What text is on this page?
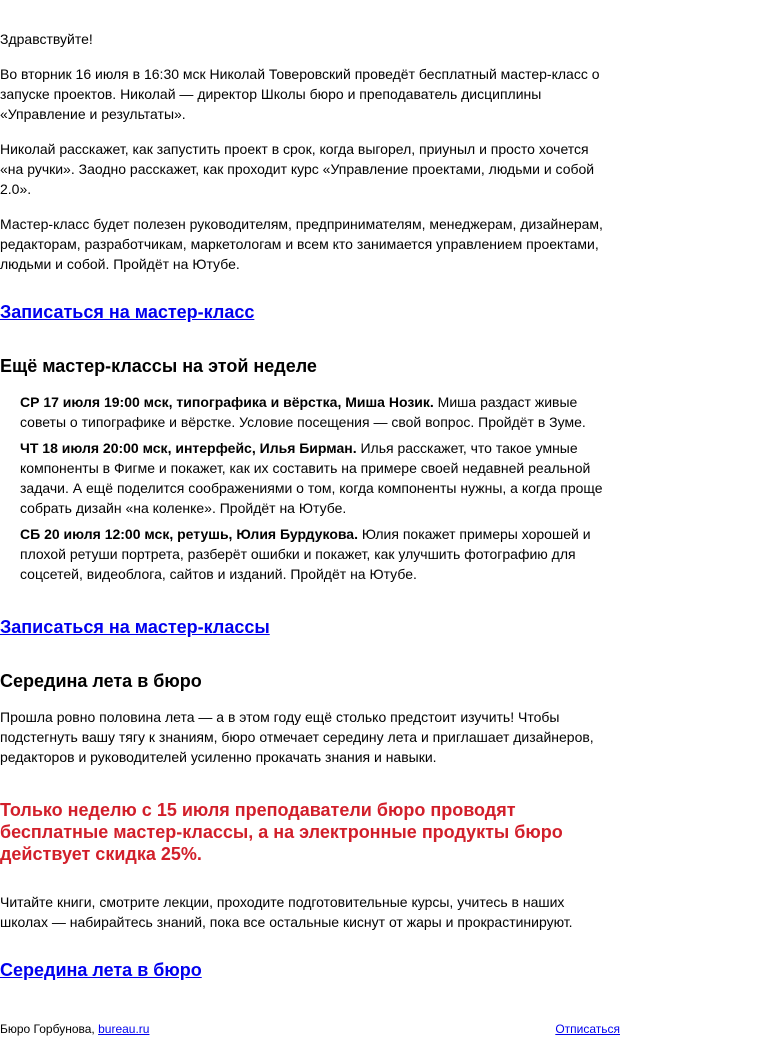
Здравствуйте!

Во вторник 16 июля в 16:30 мск Николай Товеровский проведёт бесплатный мастер-класс о запуске проектов. Николай — директор Школы бюро и преподаватель дисциплины «Управление и результаты».

Николай расскажет, как запустить проект в срок, когда выгорел, приуныл и просто хочется «на ручки». Заодно расскажет, как проходит курс «Управление проектами, людьми и собой 2.0».

Мастер-класс будет полезен руководителям, предпринимателям, менеджерам, дизайнерам, редакторам, разработчикам, маркетологам и всем кто занимается управлением проектами, людьми и собой. Пройдёт на Ютубе.

Записаться на мастер-класс
Ещё мастер-классы на этой неделе

СР 17 июля 19:00 мск, типографика и вёрстка, Миша Нозик. Миша раздаст живые советы о типографике и вёрстке. Условие посещения — свой вопрос. Пройдёт в Зуме.

ЧТ 18 июля 20:00 мск, интерфейс, Илья Бирман. Илья расскажет, что такое умные компоненты в Фигме и покажет, как их составить на примере своей недавней реальной задачи. А ещё поделится соображениями о том, когда компоненты нужны, а когда проще собрать дизайн «на коленке». Пройдёт на Ютубе.

СБ 20 июля 12:00 мск, ретушь, Юлия Бурдукова. Юлия покажет примеры хорошей и плохой ретуши портрета, разберёт ошибки и покажет, как улучшить фотографию для соцсетей, видеоблога, сайтов и изданий. Пройдёт на Ютубе.

Записаться на мастер-классы
Середина лета в бюро

Прошла ровно половина лета — а в этом году ещё столько предстоит изучить! Чтобы подстегнуть вашу тягу к знаниям, бюро отмечает середину лета и приглашает дизайнеров, редакторов и руководителей усиленно прокачать знания и навыки.

Только неделю с 15 июля преподаватели бюро проводят бесплатные мастер-классы, а на электронные продукты бюро действует скидка 25%.

Читайте книги, смотрите лекции, проходите подготовительные курсы, учитесь в наших школах — набирайтесь знаний, пока все остальные киснут от жары и прокрастинируют.

Середина лета в бюро
Бюро Горбунова, bureau.ru	Отписаться
